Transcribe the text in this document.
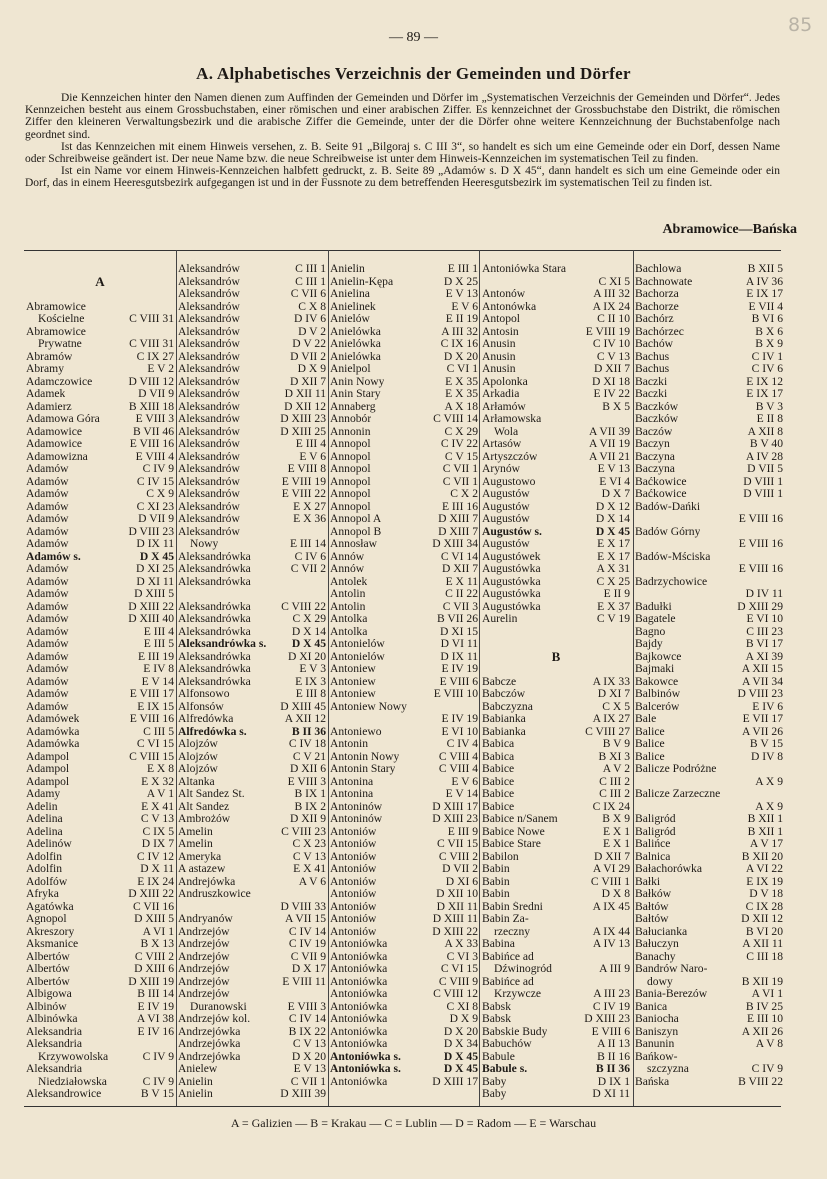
— 89 —
85
A. Alphabetisches Verzeichnis der Gemeinden und Dörfer

Die Kennzeichen hinter den Namen dienen zum Auffinden der Gemeinden und Dörfer im „Systematischen Verzeichnis der Gemeinden und Dörfer“. Jedes Kennzeichen besteht aus einem Grossbuchstaben, einer römischen und einer arabischen Ziffer. Es kennzeichnet der Grossbuchstabe den Distrikt, die römischen Ziffer den kleineren Verwaltungsbezirk und die arabische Ziffer die Gemeinde, unter der die Dörfer ohne weitere Kennzeichnung der Buchstabenfolge nach geordnet sind.

Ist das Kennzeichen mit einem Hinweis versehen, z. B. Seite 91 „Bilgoraj s. C III 3“, so handelt es sich um eine Gemeinde oder ein Dorf, dessen Name oder Schreibweise geändert ist. Der neue Name bzw. die neue Schreibweise ist unter dem Hinweis-Kennzeichen im systematischen Teil zu finden.

Ist ein Name vor einem Hinweis-Kennzeichen halbfett gedruckt, z. B. Seite 89 „Adamów s. D X 45“, dann handelt es sich um eine Gemeinde oder ein Dorf, das in einem Heeresgutsbezirk aufgegangen ist und in der Fussnote zu dem betreffenden Heeresgutsbezirk im systematischen Teil zu finden ist.

Abramowice—Bańska
A
Abramowice
Kościelne	C VIII 31
Abramowice
Prywatne	C VIII 31
Abramów	C IX 27
Abramy	E V 2
Adamczowice	D VIII 12
Adamek	D VII 9
Adamierz	B XIII 18
Adamowa Góra	E VIII 3
Adamowice	B VII 46
Adamowice	E VIII 16
Adamowizna	E VIII 4
Adamów	C IV 9
Adamów	C IV 15
Adamów	C X 9
Adamów	C XI 23
Adamów	D VII 9
Adamów	D VIII 23
Adamów	D IX 11
Adamów s.	D X 45
Adamów	D XI 25
Adamów	D XI 11
Adamów	D XIII 5
Adamów	D XIII 22
Adamów	D XIII 40
Adamów	E III 4
Adamów	E III 5
Adamów	E III 19
Adamów	E IV 8
Adamów	E V 14
Adamów	E VIII 17
Adamów	E IX 15
Adamówek	E VIII 16
Adamówka	C III 5
Adamówka	C VI 15
Adampol	C VIII 15
Adampol	E X 8
Adampol	E X 32
Adamy	A V 1
Adelin	E X 41
Adelina	C V 13
Adelina	C IX 5
Adelinów	D IX 7
Adolfin	C IV 12
Adolfin	D X 11
Adolfów	E IX 24
Afryka	D XIII 22
Agatówka	C VII 16
Agnopol	D XIII 5
Akreszory	A VI 1
Aksmanice	B X 13
Albertów	C VIII 2
Albertów	D XIII 6
Albertów	D XIII 19
Albigowa	B III 14
Albinów	E IV 19
Albinówka	A VI 38
Aleksandria	E IV 16
Aleksandria
Krzywowolska	C IV 9
Aleksandria
Niedziałowska	C IV 9
Aleksandrowice	B V 15
Aleksandrów	C III 1
Aleksandrów	C III 1
Aleksandrów	C VII 6
Aleksandrów	C X 8
Aleksandrów	D IV 6
Aleksandrów	D V 2
Aleksandrów	D V 22
Aleksandrów	D VII 2
Aleksandrów	D X 9
Aleksandrów	D XII 7
Aleksandrów	D XII 11
Aleksandrów	D XII 12
Aleksandrów	D XIII 23
Aleksandrów	D XIII 25
Aleksandrów	E III 4
Aleksandrów	E V 6
Aleksandrów	E VIII 8
Aleksandrów	E VIII 19
Aleksandrów	E VIII 22
Aleksandrów	E X 27
Aleksandrów	E X 36
Aleksandrów
Nowy	E III 14
Aleksandrówka	C IV 6
Aleksandrówka	C VII 2
Aleksandrówka
Aleksandrówka	C VIII 22
Aleksandrówka	C X 29
Aleksandrówka	D X 14
Aleksandrówka s. D X 45
Aleksandrówka	D XI 20
Aleksandrówka	E V 3
Aleksandrówka	E IX 3
Alfonsowo	E III 8
Alfonsów	D XIII 45
Alfredówka	A XII 12
Alfredówka s.	B II 36
Alojzów	C IV 18
Alojzów	C V 21
Alojzów	D XII 6
Altanka	E VIII 3
Alt Sandez St.	B IX 1
Alt Sandez	B IX 2
Ambrożów	D XII 9
Amelin	C VIII 23
Amelin	C X 23
Ameryka	C V 13
A astazew	E X 41
Andrejówka	A V 6
Andruszkowice
D VIII 33
Andryanów	A VII 15
Andrzejów	C IV 14
Andrzejów	C IV 19
Andrzejów	C VII 9
Andrzejów	D X 17
Andrzejów	E VIII 11
Andrzejów
Duranowski	E VIII 3
Andrzejów kol.	C IV 14
Andrzejówka	B IX 22
Andrzejówka	C V 13
Andrzejówka	D X 20
Anielew	E V 13
Anielin	C VII 1
Anielin	D XIII 39
Anielin	E III 1
Anielin-Kępa	D X 25
Anielina	E V 13
Anielinek	E V 6
Anielów	E II 19
Anielówka	A III 32
Anielówka	C IX 16
Anielówka	D X 20
Anielpol	C VI 1
Anin Nowy	E X 35
Anin Stary	E X 35
Annaberg	A X 18
Annobór	C VIII 14
Annonin	C X 29
Annopol	C IV 22
Annopol	C V 15
Annopol	C VII 1
Annopol	C VII 1
Annopol	C X 2
Annopol	E III 16
Annopol A	D XIII 7
Annopol B	D XIII 7
Annosław	D XIII 34
Annów	C VI 14
Annów	D XII 7
Antolek	E X 11
Antolin	C II 22
Antolin	C VII 3
Antolka	B VII 26
Antolka	D XI 15
Antonielów	D VI 11
Antonielów	D IX 11
Antoniew	E IV 19
Antoniew	E VIII 6
Antoniew	E VIII 10
Antoniew Nowy
E IV 19
Antoniewo	E VI 10
Antonin	C IV 4
Antonin Nowy	C VIII 4
Antonin Stary	C VIII 4
Antonina	E V 6
Antonina	E V 14
Antoninów	D XIII 17
Antoninów	D XIII 23
Antoniów	E III 9
Antoniów	C VII 15
Antoniów	C VIII 2
Antoniów	D VII 2
Antoniów	D XI 6
Antoniów	D XII 10
Antoniów	D XII 11
Antoniów	D XIII 11
Antoniów	D XIII 22
Antoniówka	A X 33
Antoniówka	C VI 3
Antoniówka	C VI 15
Antoniówka	C VIII 9
Antoniówka	C VIII 12
Antoniówka	C XI 8
Antoniówka	D X 9
Antoniówka	D X 20
Antoniówka	D X 34
Antoniówka s.	D X 45
Antoniówka s.	D X 45
Antoniówka	D XIII 17
Antoniówka Stara
C XI 5
Antonów	A III 32
Antonówka	A IX 24
Antopol	C II 10
Antosin	E VIII 19
Anusin	C IV 10
Anusin	C V 13
Anusin	D XII 7
Apolonka	D XI 18
Arkadia	E IV 22
Arłamów	B X 5
Arłamowska
Wola	A VII 39
Artasów	A VII 19
Artyszczów	A VII 21
Arynów	E V 13
Augustowo	E VI 4
Augustów	D X 7
Augustów	D X 12
Augustów	D X 14
Augustów s.	D X 45
Augustów	E X 17
Augustówek	E X 17
Augustówka	A X 31
Augustówka	C X 25
Augustówka	E II 9
Augustówka	E X 37
Aurelin	C V 19
B
Babcze	A IX 33
Babczów	D XI 7
Babczyzna	C X 5
Babianka	A IX 27
Babianka	C VIII 27
Babica	B V 9
Babica	B XI 3
Babice	A V 2
Babice	C III 2
Babice	C III 2
Babice	C IX 24
Babice n/Sanem	B X 9
Babice Nowe	E X 1
Babice Stare	E X 1
Babilon	D XII 7
Babin	A VI 29
Babin	C VIII 1
Babin	D X 8
Babin Średni	A IX 45
Babin Za-
rzeczny	A IX 44
Babina	A IV 13
Babińce ad
Dźwinogród	A III 9
Babińce ad
Krzywcze	A III 23
Babsk	C IV 19
Babsk	D XIII 23
Babskie Budy	E VIII 6
Babuchów	A II 13
Babule	B II 16
Babule s.	B II 36
Baby	D IX 1
Baby	D XI 11
Bachlowa	B XII 5
Bachnowate	A IV 36
Bachorza	E IX 17
Bachorze	E VII 4
Bachórz	B VI 6
Bachórzec	B X 6
Bachów	B X 9
Bachus	C IV 1
Bachus	C IV 6
Baczki	E IX 12
Baczki	E IX 17
Baczków	B V 3
Baczków	E II 8
Baczów	A XII 8
Baczyn	B V 40
Baczyna	A IV 28
Baczyna	D VII 5
Baćkowice	D VIII 1
Baćkowice	D VIII 1
Badów-Dańki
E VIII 16
Badów Górny
E VIII 16
Badów-Mściska
E VIII 16
Badrzychowice
D IV 11
Badułki	D XIII 29
Bagatele	E VI 10
Bagno	C III 23
Bajdy	B VI 17
Bajkowce	A XI 39
Bajmaki	A XII 15
Bakowce	A VII 34
Balbinów	D VIII 23
Balcerów	E IV 6
Bale	E VII 17
Balice	A VII 26
Balice	B V 15
Balice	D IV 8
Balicze Podróżne
A X 9
Balicze Zarzeczne
A X 9
Baligród	B XII 1
Baligród	B XII 1
Balińce	A V 17
Balnica	B XII 20
Bałachorówka	A VI 22
Bałki	E IX 19
Bałków	D V 18
Bałtów	C IX 28
Bałtów	D XII 12
Bałucianka	B VI 20
Bałuczyn	A XII 11
Banachy	C III 18
Bandrów Naro-
dowy	B XII 19
Bania-Berezów	A VI 1
Banica	B IV 25
Baniocha	E III 10
Baniszyn	A XII 26
Banunin	A V 8
Bańkow-
szczyzna	C IV 9
Bańska	B VIII 22
A = Galizien — B = Krakau — C = Lublin — D = Radom — E = Warschau
